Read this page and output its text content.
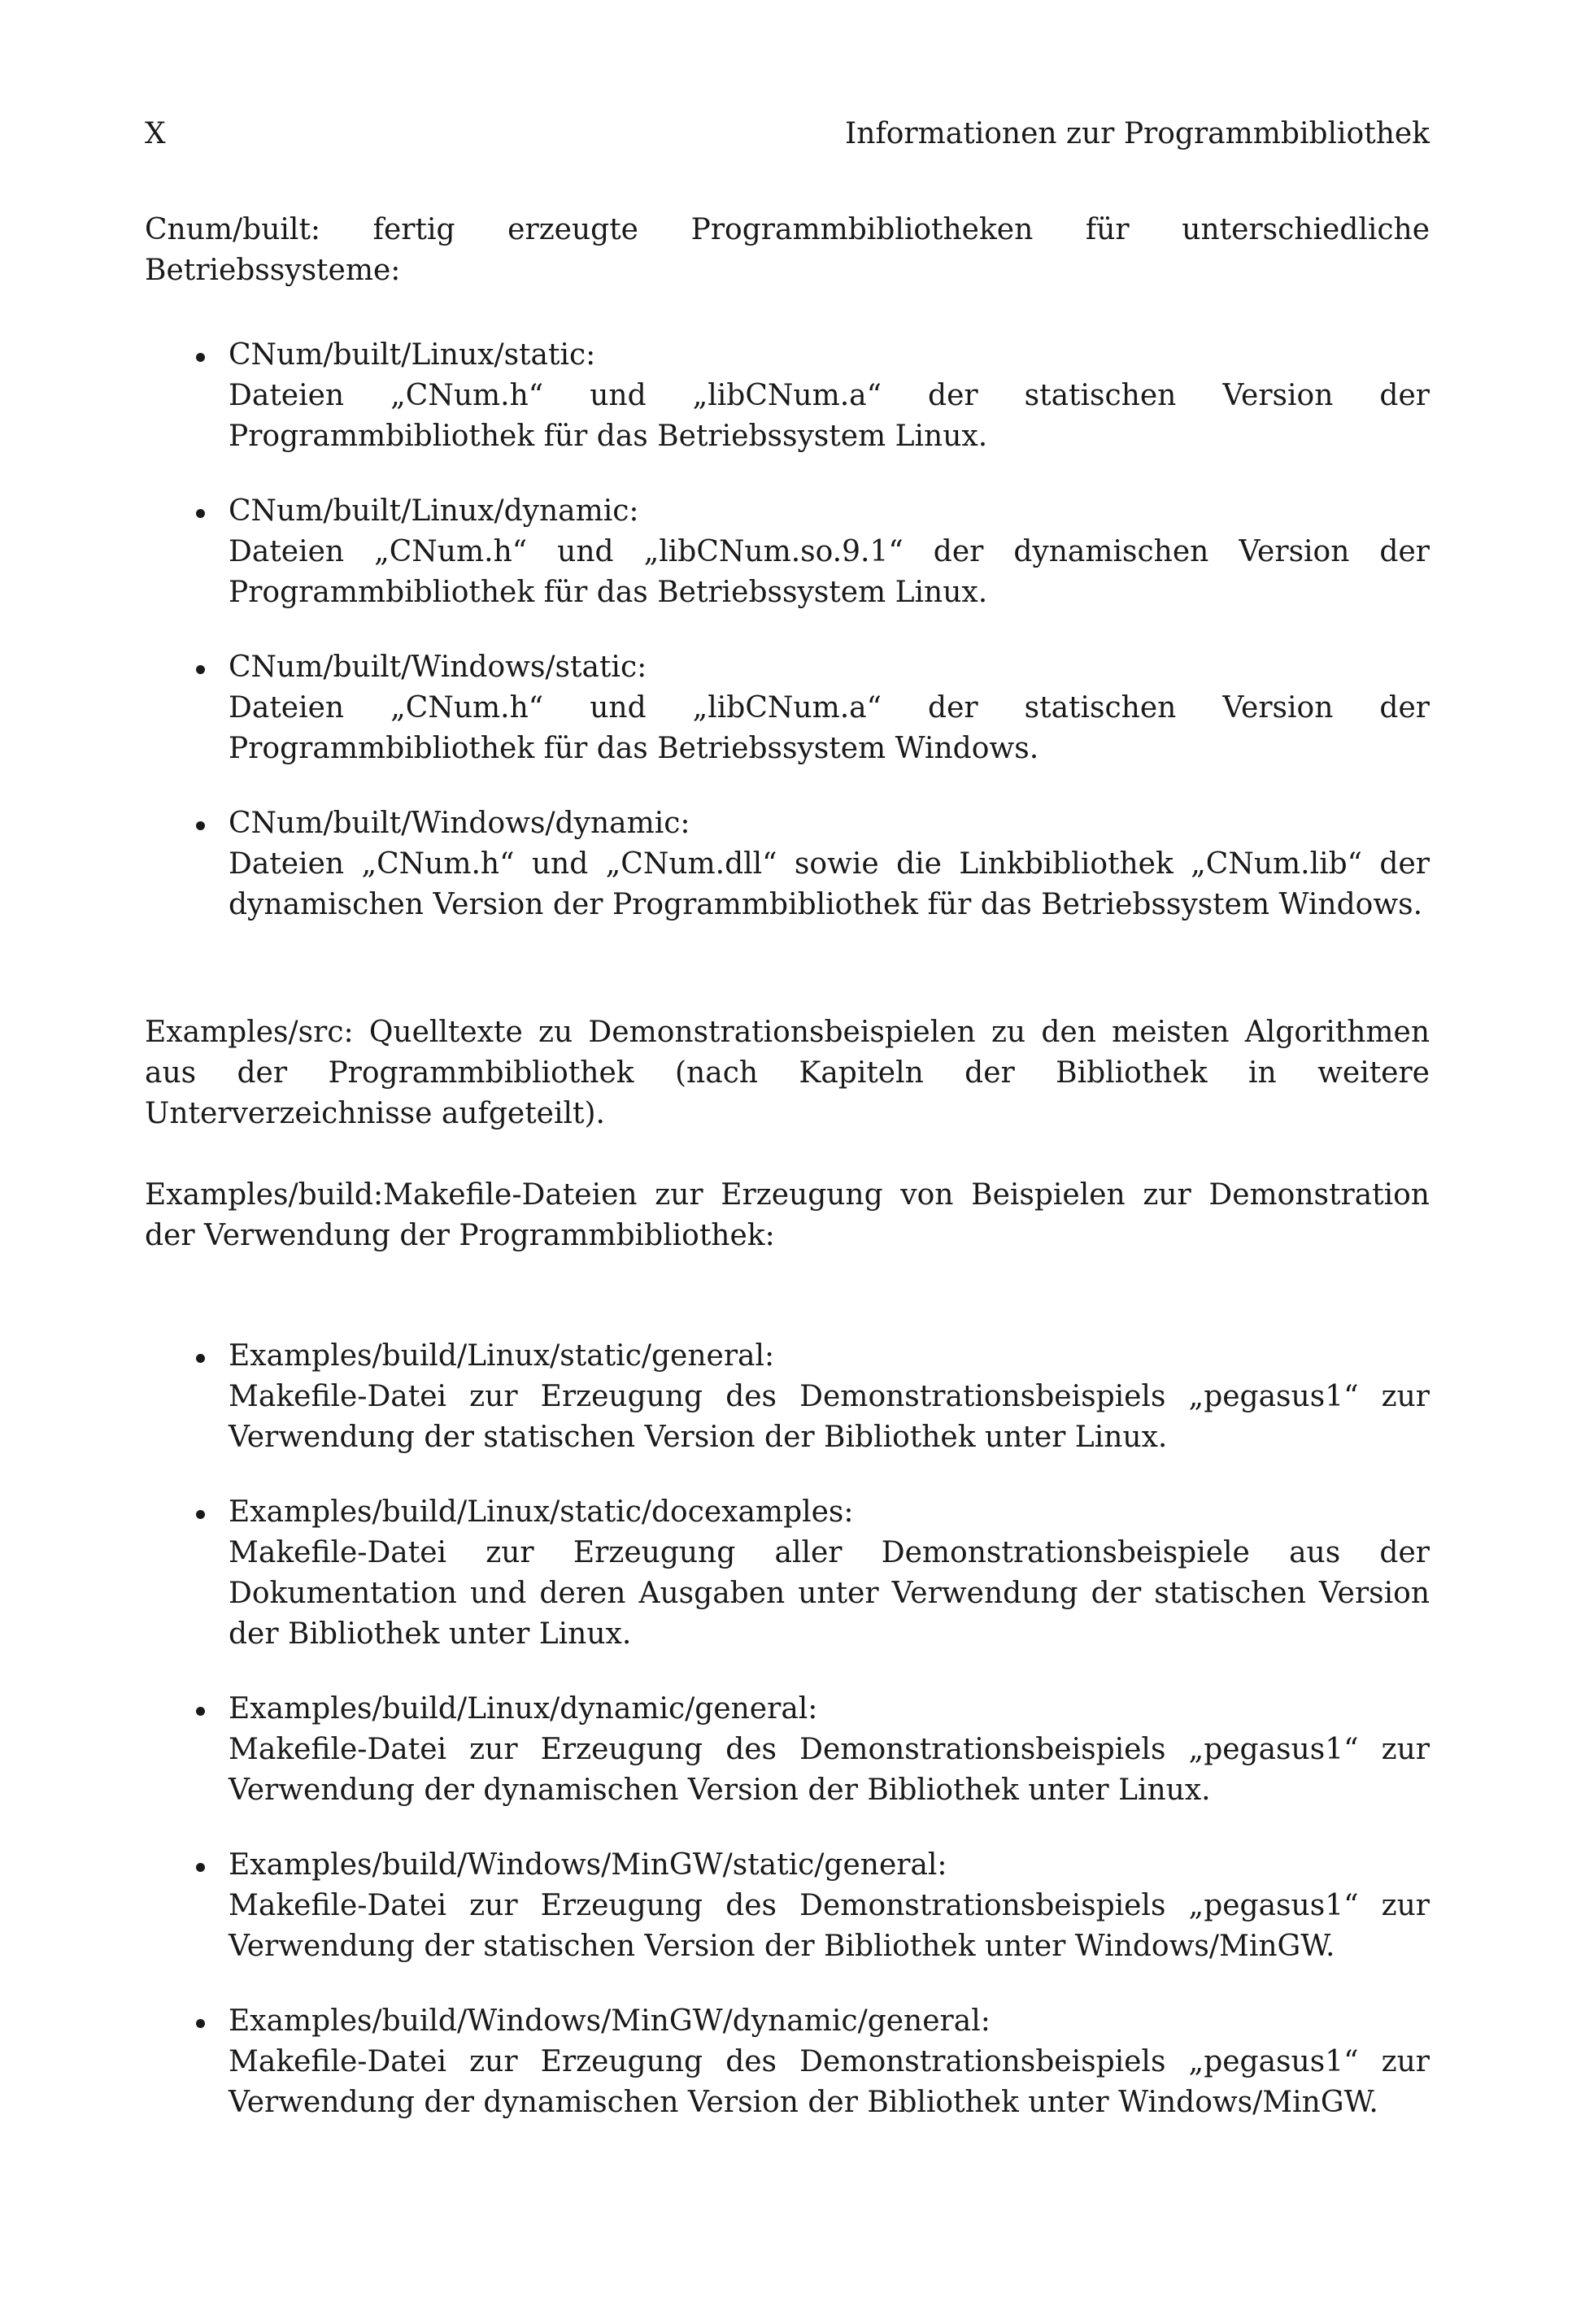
X	Informationen zur Programmbibliothek

Cnum/built: fertig erzeugte Programmbibliotheken für unterschiedliche Betriebssysteme:

CNum/built/Linux/static:
Dateien „CNum.h“ und „libCNum.a“ der statischen Version der Programmbibliothek für das Betriebssystem Linux.
CNum/built/Linux/dynamic:
Dateien „CNum.h“ und „libCNum.so.9.1“ der dynamischen Version der Programmbibliothek für das Betriebssystem Linux.
CNum/built/Windows/static:
Dateien „CNum.h“ und „libCNum.a“ der statischen Version der Programmbibliothek für das Betriebssystem Windows.
CNum/built/Windows/dynamic:
Dateien „CNum.h“ und „CNum.dll“ sowie die Linkbibliothek „CNum.lib“ der dynamischen Version der Programmbibliothek für das Betriebssystem Windows.

Examples/src: Quelltexte zu Demonstrationsbeispielen zu den meisten Algorithmen aus der Programmbibliothek (nach Kapiteln der Bibliothek in weitere Unterverzeichnisse aufgeteilt).

Examples/build:Makefile-Dateien zur Erzeugung von Beispielen zur Demonstration der Verwendung der Programmbibliothek:

Examples/build/Linux/static/general:
Makefile-Datei zur Erzeugung des Demonstrationsbeispiels „pegasus1“ zur Verwendung der statischen Version der Bibliothek unter Linux.
Examples/build/Linux/static/docexamples:
Makefile-Datei zur Erzeugung aller Demonstrationsbeispiele aus der Dokumentation und deren Ausgaben unter Verwendung der statischen Version der Bibliothek unter Linux.
Examples/build/Linux/dynamic/general:
Makefile-Datei zur Erzeugung des Demonstrationsbeispiels „pegasus1“ zur Verwendung der dynamischen Version der Bibliothek unter Linux.
Examples/build/Windows/MinGW/static/general:
Makefile-Datei zur Erzeugung des Demonstrationsbeispiels „pegasus1“ zur Verwendung der statischen Version der Bibliothek unter Windows/MinGW.
Examples/build/Windows/MinGW/dynamic/general:
Makefile-Datei zur Erzeugung des Demonstrationsbeispiels „pegasus1“ zur Verwendung der dynamischen Version der Bibliothek unter Windows/MinGW.
